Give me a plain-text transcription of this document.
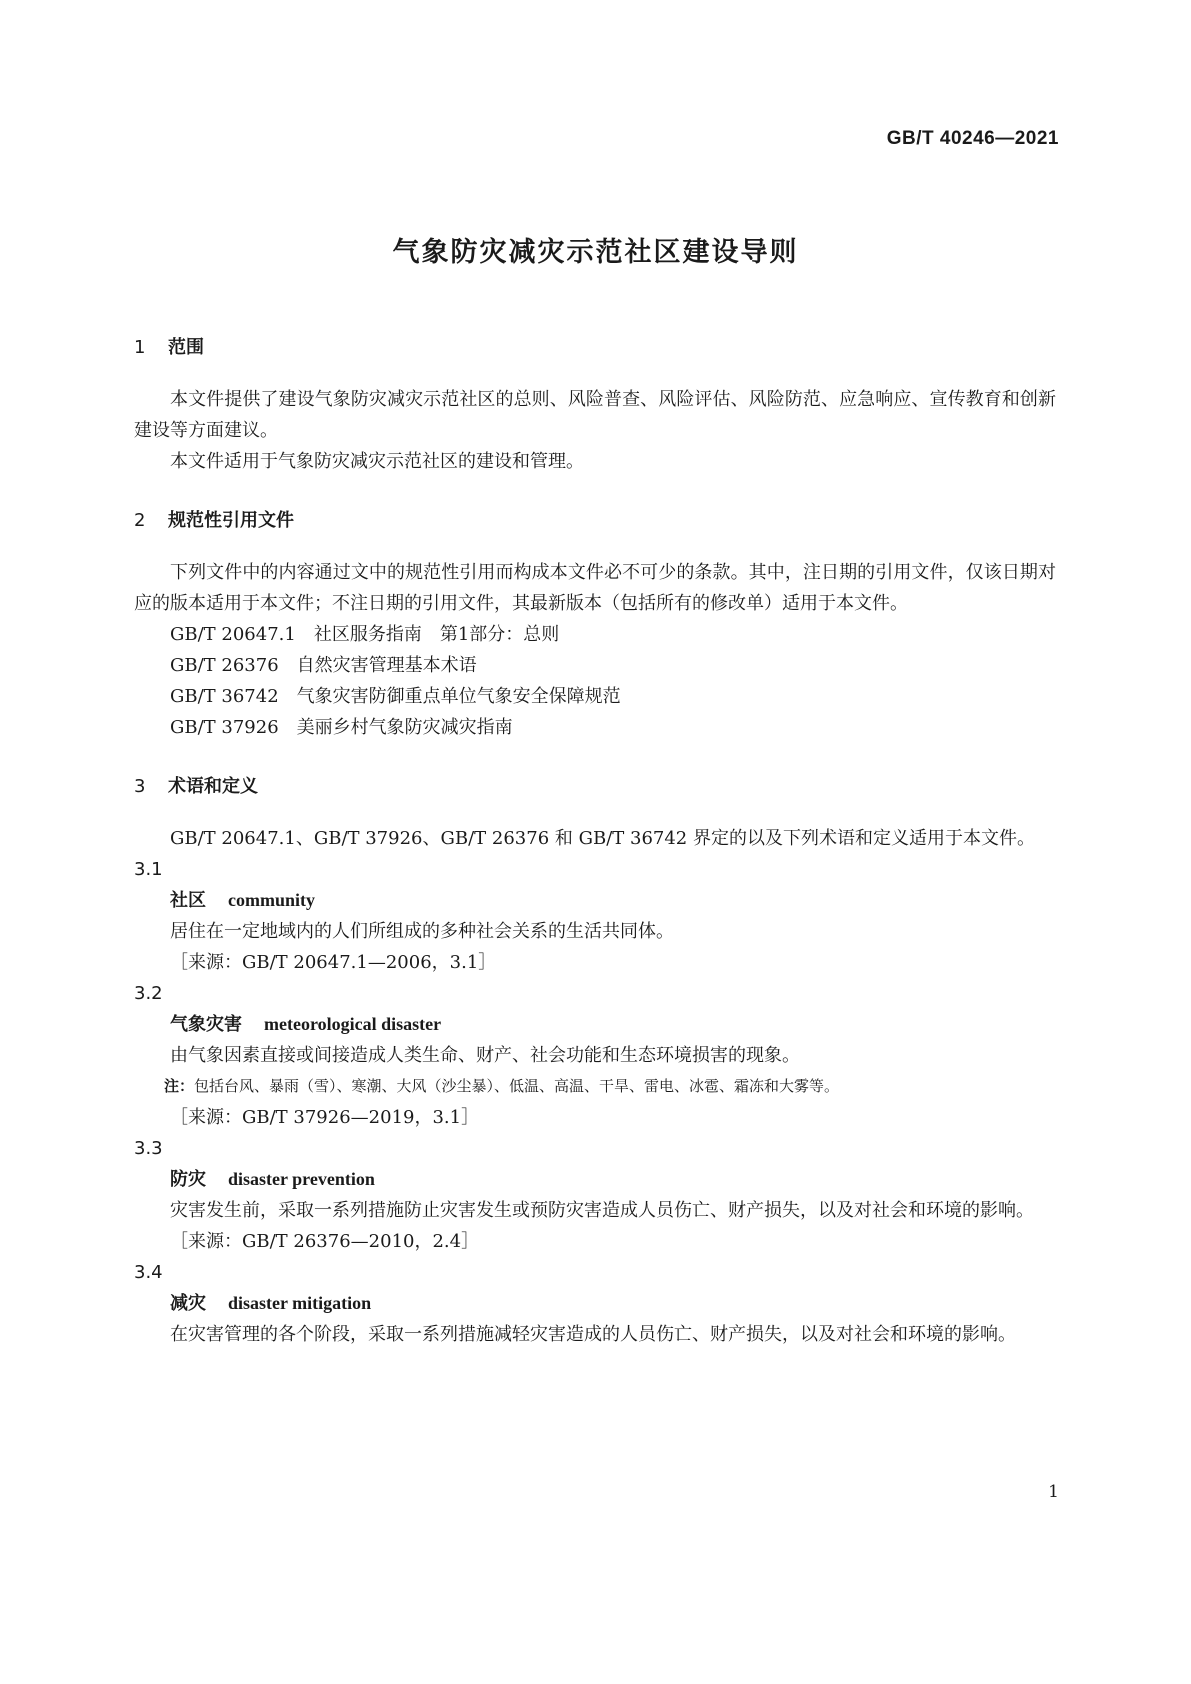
GB/T 40246—2021
气象防灾减灾示范社区建设导则
1 范围

本文件提供了建设气象防灾减灾示范社区的总则、风险普查、风险评估、风险防范、应急响应、宣传教育和创新建设等方面建议。

本文件适用于气象防灾减灾示范社区的建设和管理。

2 规范性引用文件

下列文件中的内容通过文中的规范性引用而构成本文件必不可少的条款。其中，注日期的引用文件，仅该日期对应的版本适用于本文件；不注日期的引用文件，其最新版本（包括所有的修改单）适用于本文件。

GB/T 20647.1　社区服务指南　第1部分：总则

GB/T 26376　自然灾害管理基本术语

GB/T 36742　气象灾害防御重点单位气象安全保障规范

GB/T 37926　美丽乡村气象防灾减灾指南

3 术语和定义

GB/T 20647.1、GB/T 37926、GB/T 26376 和 GB/T 36742 界定的以及下列术语和定义适用于本文件。

3.1

社区 community

居住在一定地域内的人们所组成的多种社会关系的生活共同体。

［来源：GB/T 20647.1—2006，3.1］

3.2

气象灾害 meteorological disaster

由气象因素直接或间接造成人类生命、财产、社会功能和生态环境损害的现象。

注：包括台风、暴雨（雪）、寒潮、大风（沙尘暴）、低温、高温、干旱、雷电、冰雹、霜冻和大雾等。

［来源：GB/T 37926—2019，3.1］

3.3

防灾 disaster prevention

灾害发生前，采取一系列措施防止灾害发生或预防灾害造成人员伤亡、财产损失，以及对社会和环境的影响。

［来源：GB/T 26376—2010，2.4］

3.4

减灾 disaster mitigation

在灾害管理的各个阶段，采取一系列措施减轻灾害造成的人员伤亡、财产损失，以及对社会和环境的影响。

1
